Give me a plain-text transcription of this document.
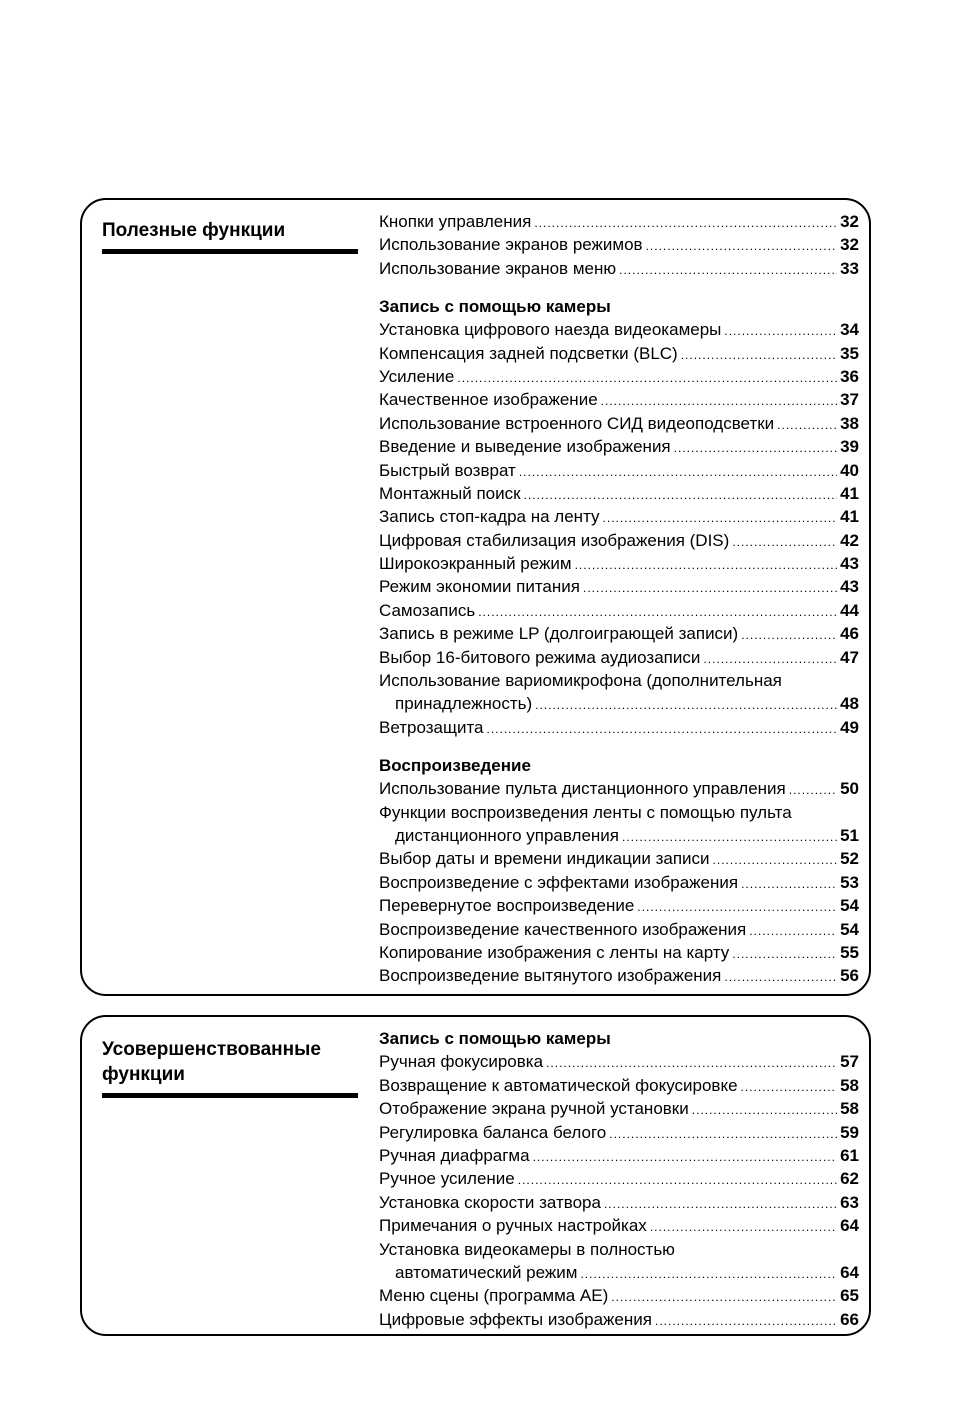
Полезные функции	Кнопки управления .....	32
Использование экранов режимов .....	32
Использование экранов меню .....	33
Запись с помощью камеры
Установка цифрового наезда видеокамеры .....	34
Компенсация задней подсветки (BLC) .....	35
Усиление .....	36
Качественное изображение .....	37
Использование встроенного СИД видеоподсветки .....	38
Введение и выведение изображения .....	39
Быстрый возврат .....	40
Монтажный поиск .....	41
Запись стоп-кадра на ленту .....	41
Цифровая стабилизация изображения (DIS) .....	42
Широкоэкранный режим .....	43
Режим экономии питания .....	43
Самозапись .....	44
Запись в режиме LP (долгоиграющей записи) .....	46
Выбор 16-битового режима аудиозаписи .....	47
Использование вариомикрофона (дополнительная
принадлежность) .....	48
Ветрозащита .....	49
Воспроизведение
Использование пульта дистанционного управления .....	50
Функции воспроизведения ленты с помощью пульта
дистанционного управления .....	51
Выбор даты и времени индикации записи .....	52
Воспроизведение с эффектами изображения .....	53
Перевернутое воспроизведение .....	54
Воспроизведение качественного изображения .....	54
Копирование изображения с ленты на карту .....	55
Воспроизведение вытянутого изображения .....	56
Усовершенствованные
функции
Запись с помощью камеры
Ручная фокусировка .....	57
Возвращение к автоматической фокусировке .....	58
Отображение экрана ручной установки .....	58
Регулировка баланса белого .....	59
Ручная диафрагма .....	61
Ручное усиление .....	62
Установка скорости затвора .....	63
Примечания о ручных настройках .....	64
Установка видеокамеры в полностью
автоматический режим .....	64
Меню сцены (программа AE) .....	65
Цифровые эффекты изображения .....	66
